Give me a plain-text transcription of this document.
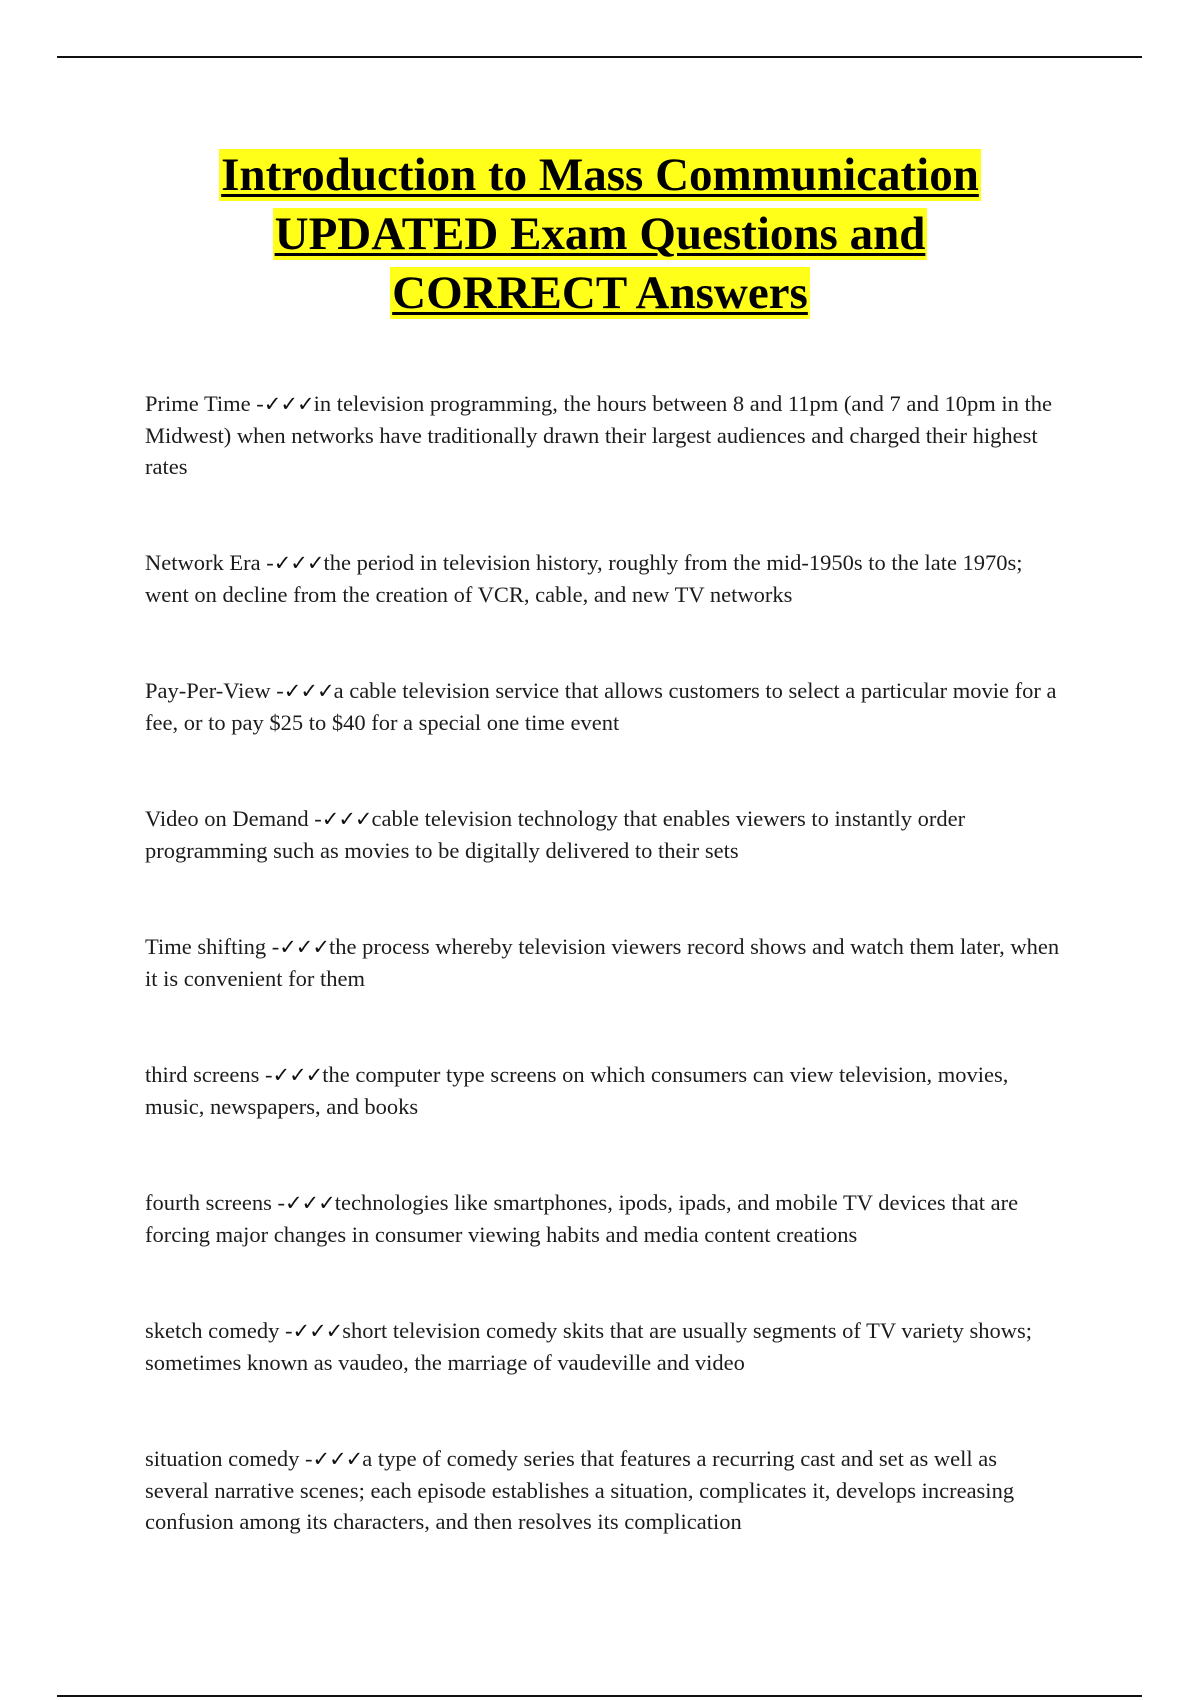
Introduction to Mass Communication
UPDATED Exam Questions and
CORRECT Answers

Prime Time -✓✓✓in television programming, the hours between 8 and 11pm (and 7 and 10pm in the Midwest) when networks have traditionally drawn their largest audiences and charged their highest rates

Network Era -✓✓✓the period in television history, roughly from the mid-1950s to the late 1970s; went on decline from the creation of VCR, cable, and new TV networks

Pay-Per-View -✓✓✓a cable television service that allows customers to select a particular movie for a fee, or to pay $25 to $40 for a special one time event

Video on Demand -✓✓✓cable television technology that enables viewers to instantly order programming such as movies to be digitally delivered to their sets

Time shifting -✓✓✓the process whereby television viewers record shows and watch them later, when it is convenient for them

third screens -✓✓✓the computer type screens on which consumers can view television, movies, music, newspapers, and books

fourth screens -✓✓✓technologies like smartphones, ipods, ipads, and mobile TV devices that are forcing major changes in consumer viewing habits and media content creations

sketch comedy -✓✓✓short television comedy skits that are usually segments of TV variety shows; sometimes known as vaudeo, the marriage of vaudeville and video

situation comedy -✓✓✓a type of comedy series that features a recurring cast and set as well as several narrative scenes; each episode establishes a situation, complicates it, develops increasing confusion among its characters, and then resolves its complication
